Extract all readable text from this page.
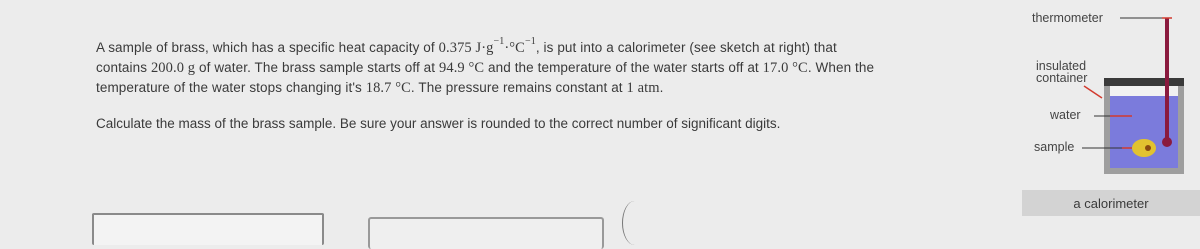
A sample of brass, which has a specific heat capacity of 0.375 $J\cdot g^{-1}\cdot^\circ C^{-1}$, is put into a calorimeter (see sketch at right) that

contains 200.0 g of water. The brass sample starts off at 94.9 °C and the temperature of the water starts off at 17.0 °C. When the

temperature of the water stops changing it's 18.7 °C. The pressure remains constant at 1 atm.

Calculate the mass of the brass sample. Be sure your answer is rounded to the correct number of significant digits.
thermometer
insulated
container
water
sample
a calorimeter
